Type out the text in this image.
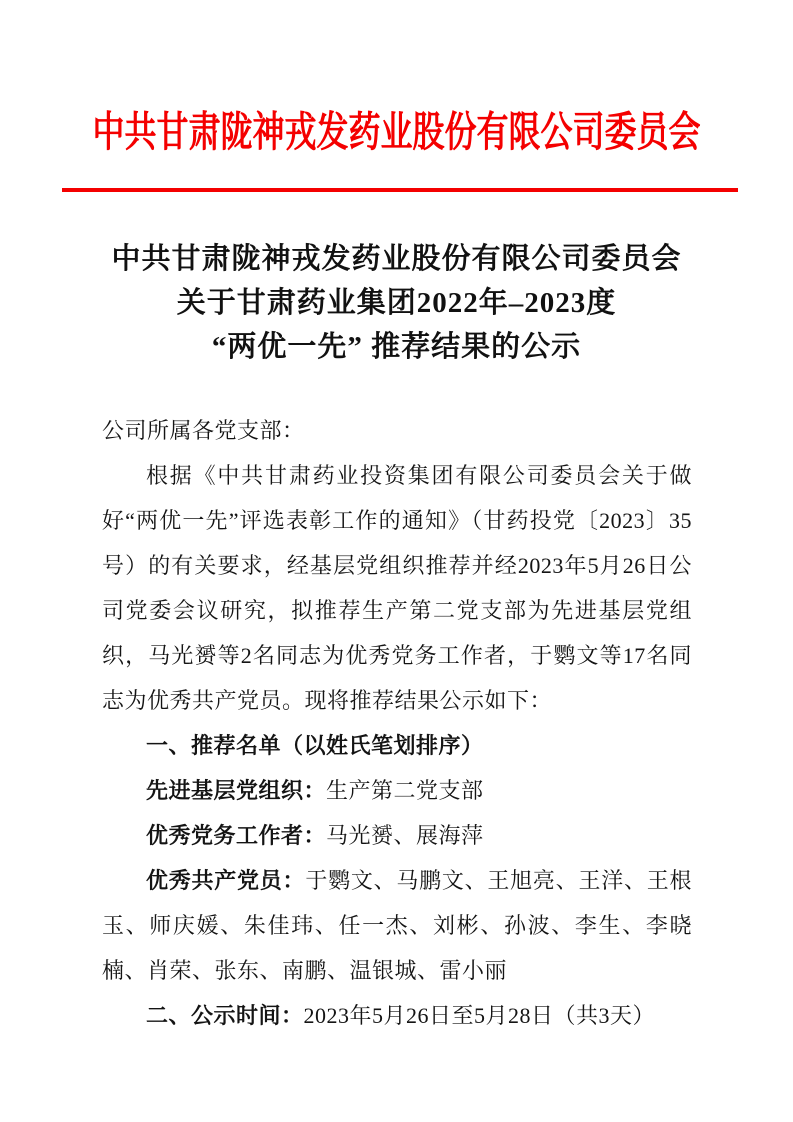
中共甘肃陇神戎发药业股份有限公司委员会
中共甘肃陇神戎发药业股份有限公司委员会
关于甘肃药业集团2022年–2023度
“两优一先” 推荐结果的公示

公司所属各党支部：

根据《中共甘肃药业投资集团有限公司委员会关于做好“两优一先”评选表彰工作的通知》（甘药投党〔2023〕35号）的有关要求，经基层党组织推荐并经2023年5月26日公司党委会议研究，拟推荐生产第二党支部为先进基层党组织，马光赟等2名同志为优秀党务工作者，于鹦文等17名同志为优秀共产党员。现将推荐结果公示如下：

一、推荐名单（以姓氏笔划排序）

先进基层党组织：生产第二党支部

优秀党务工作者：马光赟、展海萍

优秀共产党员：于鹦文、马鹏文、王旭亮、王洋、王根玉、师庆媛、朱佳玮、任一杰、刘彬、孙波、李生、李晓楠、肖荣、张东、南鹏、温银城、雷小丽

二、公示时间：2023年5月26日至5月28日（共3天）
